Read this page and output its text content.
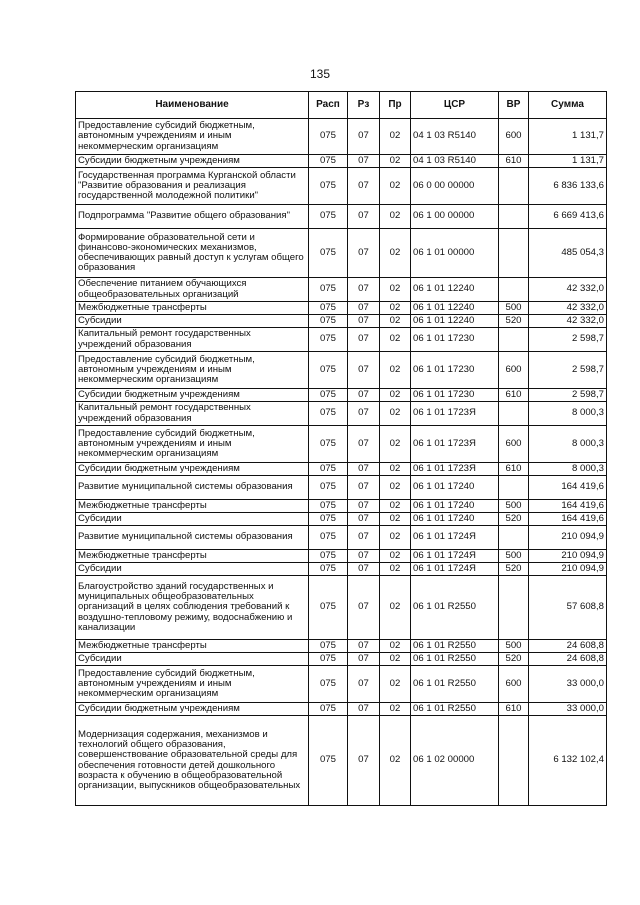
135
Наименование	Расп	Рз	Пр	ЦСР	ВР	Сумма
Предоставление субсидий бюджетным, автономным учреждениям и иным некоммерческим организациям	075	07	02	04 1 03 R5140	600	1 131,7
Субсидии бюджетным учреждениям	075	07	02	04 1 03 R5140	610	1 131,7
Государственная программа Курганской области "Развитие образования и реализация государственной молодежной политики"	075	07	02	06 0 00 00000		6 836 133,6
Подпрограмма "Развитие общего образования"	075	07	02	06 1 00 00000		6 669 413,6
Формирование образовательной сети и финансово-экономических механизмов, обеспечивающих равный доступ к услугам общего образования	075	07	02	06 1 01 00000		485 054,3
Обеспечение питанием обучающихся общеобразовательных организаций	075	07	02	06 1 01 12240		42 332,0
Межбюджетные трансферты	075	07	02	06 1 01 12240	500	42 332,0
Субсидии	075	07	02	06 1 01 12240	520	42 332,0
Капитальный ремонт государственных учреждений образования	075	07	02	06 1 01 17230		2 598,7
Предоставление субсидий бюджетным, автономным учреждениям и иным некоммерческим организациям	075	07	02	06 1 01 17230	600	2 598,7
Субсидии бюджетным учреждениям	075	07	02	06 1 01 17230	610	2 598,7
Капитальный ремонт государственных учреждений образования	075	07	02	06 1 01 1723Я		8 000,3
Предоставление субсидий бюджетным, автономным учреждениям и иным некоммерческим организациям	075	07	02	06 1 01 1723Я	600	8 000,3
Субсидии бюджетным учреждениям	075	07	02	06 1 01 1723Я	610	8 000,3
Развитие муниципальной системы образования	075	07	02	06 1 01 17240		164 419,6
Межбюджетные трансферты	075	07	02	06 1 01 17240	500	164 419,6
Субсидии	075	07	02	06 1 01 17240	520	164 419,6
Развитие муниципальной системы образования	075	07	02	06 1 01 1724Я		210 094,9
Межбюджетные трансферты	075	07	02	06 1 01 1724Я	500	210 094,9
Субсидии	075	07	02	06 1 01 1724Я	520	210 094,9
Благоустройство зданий государственных и муниципальных общеобразовательных организаций в целях соблюдения требований к воздушно-тепловому режиму, водоснабжению и канализации	075	07	02	06 1 01 R2550		57 608,8
Межбюджетные трансферты	075	07	02	06 1 01 R2550	500	24 608,8
Субсидии	075	07	02	06 1 01 R2550	520	24 608,8
Предоставление субсидий бюджетным, автономным учреждениям и иным некоммерческим организациям	075	07	02	06 1 01 R2550	600	33 000,0
Субсидии бюджетным учреждениям	075	07	02	06 1 01 R2550	610	33 000,0
Модернизация содержания, механизмов и технологий общего образования, совершенствование образовательной среды для обеспечения готовности детей дошкольного возраста к обучению в общеобразовательной организации, выпускников общеобразовательных	075	07	02	06 1 02 00000		6 132 102,4
